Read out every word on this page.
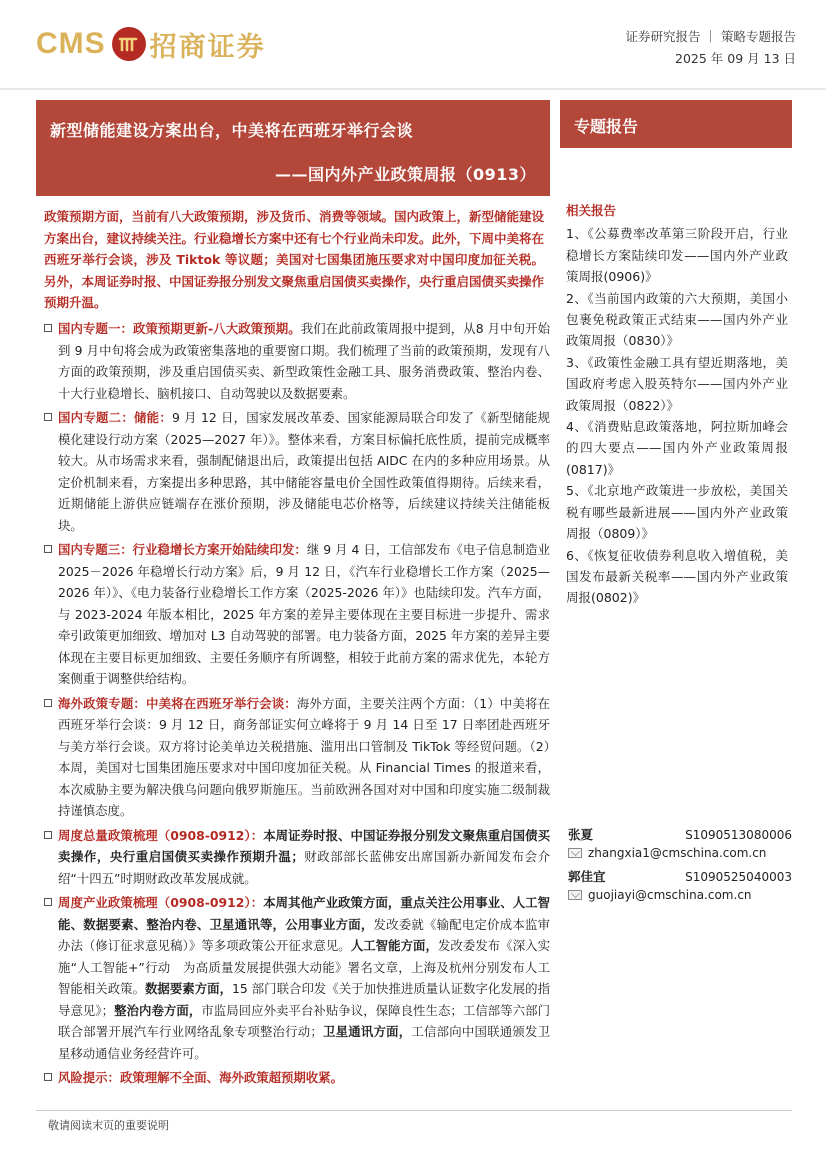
CMS 招商证券	证券研究报告 ｜ 策略专题报告
2025 年 09 月 13 日
新型储能建设方案出台，中美将在西班牙举行会谈
——国内外产业政策周报（0913）
专题报告
政策预期方面，当前有八大政策预期，涉及货币、消费等领域。国内政策上，新型储能建设方案出台，建议持续关注。行业稳增长方案中还有七个行业尚未印发。此外，下周中美将在西班牙举行会谈，涉及 Tiktok 等议题；美国对七国集团施压要求对中国印度加征关税。另外，本周证券时报、中国证券报分别发文聚焦重启国债买卖操作，央行重启国债买卖操作预期升温。

国内专题一：政策预期更新-八大政策预期。我们在此前政策周报中提到，从8 月中旬开始到 9 月中旬将会成为政策密集落地的重要窗口期。我们梳理了当前的政策预期，发现有八方面的政策预期，涉及重启国债买卖、新型政策性金融工具、服务消费政策、整治内卷、十大行业稳增长、脑机接口、自动驾驶以及数据要素。

国内专题二：储能：9 月 12 日，国家发展改革委、国家能源局联合印发了《新型储能规模化建设行动方案（2025—2027 年）》。整体来看，方案目标偏托底性质，提前完成概率较大。从市场需求来看，强制配储退出后，政策提出包括 AIDC 在内的多种应用场景。从定价机制来看，方案提出多种思路，其中储能容量电价全国性政策值得期待。后续来看，近期储能上游供应链端存在涨价预期，涉及储能电芯价格等，后续建议持续关注储能板块。

国内专题三：行业稳增长方案开始陆续印发：继 9 月 4 日，工信部发布《电子信息制造业 2025－2026 年稳增长行动方案》后，9 月 12 日，《汽车行业稳增长工作方案（2025—2026 年）》、《电力装备行业稳增长工作方案（2025-2026 年）》也陆续印发。汽车方面，与 2023-2024 年版本相比，2025 年方案的差异主要体现在主要目标进一步提升、需求牵引政策更加细致、增加对 L3 自动驾驶的部署。电力装备方面，2025 年方案的差异主要体现在主要目标更加细致、主要任务顺序有所调整，相较于此前方案的需求优先，本轮方案侧重于调整供给结构。

海外政策专题：中美将在西班牙举行会谈：海外方面，主要关注两个方面：（1）中美将在西班牙举行会谈：9 月 12 日，商务部证实何立峰将于 9 月 14 日至 17 日率团赴西班牙与美方举行会谈。双方将讨论美单边关税措施、滥用出口管制及 TikTok 等经贸问题。（2）本周，美国对七国集团施压要求对中国印度加征关税。从 Financial Times 的报道来看，本次威胁主要为解决俄乌问题向俄罗斯施压。当前欧洲各国对对中国和印度实施二级制裁持谨慎态度。

周度总量政策梳理（0908-0912）：本周证券时报、中国证券报分别发文聚焦重启国债买卖操作，央行重启国债买卖操作预期升温；财政部部长蓝佛安出席国新办新闻发布会介绍“十四五”时期财政改革发展成就。

周度产业政策梳理（0908-0912）：本周其他产业政策方面，重点关注公用事业、人工智能、数据要素、整治内卷、卫星通讯等，公用事业方面，发改委就《输配电定价成本监审办法（修订征求意见稿）》等多项政策公开征求意见。人工智能方面，发改委发布《深入实施“人工智能+”行动　为高质量发展提供强大动能》署名文章，上海及杭州分别发布人工智能相关政策。数据要素方面，15 部门联合印发《关于加快推进质量认证数字化发展的指导意见》；整治内卷方面，市监局回应外卖平台补贴争议，保障良性生态；工信部等六部门联合部署开展汽车行业网络乱象专项整治行动；卫星通讯方面，工信部向中国联通颁发卫星移动通信业务经营许可。

风险提示：政策理解不全面、海外政策超预期收紧。

相关报告
1、《公募费率改革第三阶段开启，行业稳增长方案陆续印发——国内外产业政策周报(0906)》
2、《当前国内政策的六大预期，美国小包裹免税政策正式结束——国内外产业政策周报（0830）》
3、《政策性金融工具有望近期落地，美国政府考虑入股英特尔——国内外产业政策周报（0822）》
4、《消费贴息政策落地，阿拉斯加峰会的四大要点——国内外产业政策周报(0817)》
5、《北京地产政策进一步放松，美国关税有哪些最新进展——国内外产业政策周报（0809）》
6、《恢复征收债券利息收入增值税，美国发布最新关税率——国内外产业政策周报(0802)》
张夏	S1090513080006
zhangxia1@cmschina.com.cn
郭佳宜	S1090525040003
guojiayi@cmschina.com.cn
敬请阅读末页的重要说明
